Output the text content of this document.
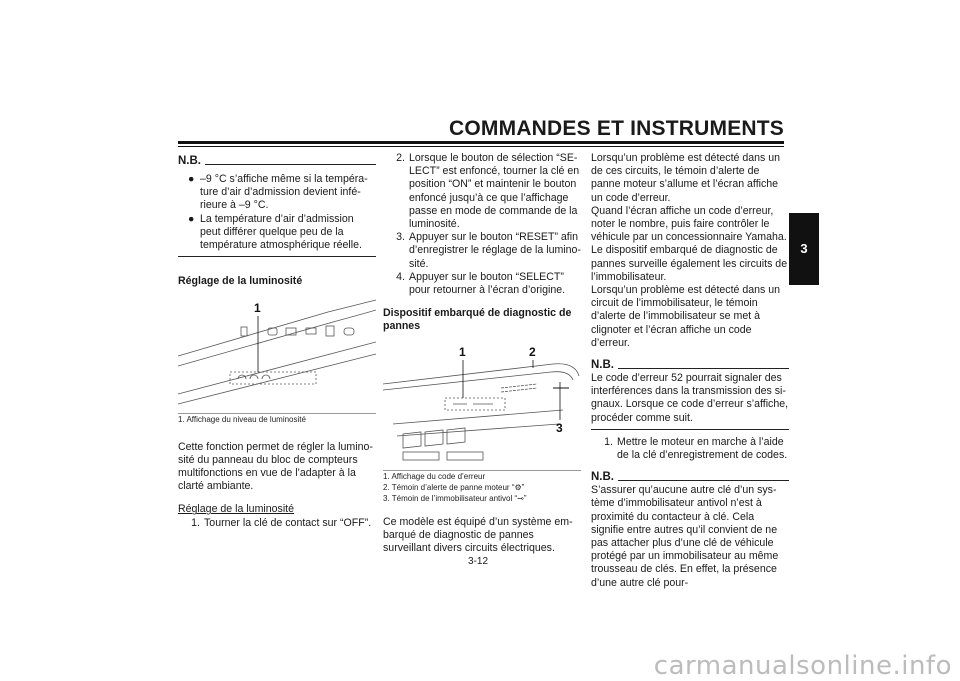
COMMANDES ET INSTRUMENTS
3
N.B.
● –9 °C s’affiche même si la température d’air d’admission devient inférieure à –9 °C.
● La température d’air d’admission peut différer quelque peu de la température atmosphérique réelle.
Réglage de la luminosité
1
1. Affichage du niveau de luminosité
Cette fonction permet de régler la luminosité du panneau du bloc de compteurs multifonctions en vue de l’adapter à la clarté ambiante.
Réglage de la luminosité
1. Tourner la clé de contact sur “OFF”.
2. Lorsque le bouton de sélection “SELECT” est enfoncé, tourner la clé en position “ON” et maintenir le bouton enfoncé jusqu’à ce que l’affichage passe en mode de commande de la luminosité.
3. Appuyer sur le bouton “RESET” afin d’enregistrer le réglage de la luminosité.
4. Appuyer sur le bouton “SELECT” pour retourner à l’écran d’origine.
Dispositif embarqué de diagnostic de pannes
1	2
3
1. Affichage du code d’erreur
2. Témoin d’alerte de panne moteur “⚙”
3. Témoin de l’immobilisateur antivol “⊸”
Ce modèle est équipé d’un système embarqué de diagnostic de pannes surveillant divers circuits électriques.
Lorsqu’un problème est détecté dans un de ces circuits, le témoin d’alerte de panne moteur s’allume et l’écran affiche un code d’erreur.
Quand l’écran affiche un code d’erreur, noter le nombre, puis faire contrôler le véhicule par un concessionnaire Yamaha.
Le dispositif embarqué de diagnostic de pannes surveille également les circuits de l’immobilisateur.
Lorsqu’un problème est détecté dans un circuit de l’immobilisateur, le témoin d’alerte de l’immobilisateur se met à clignoter et l’écran affiche un code d’erreur.
N.B.
Le code d’erreur 52 pourrait signaler des interférences dans la transmission des signaux. Lorsque ce code d’erreur s’affiche, procéder comme suit.
1. Mettre le moteur en marche à l’aide de la clé d’enregistrement de codes.
N.B.
S’assurer qu’aucune autre clé d’un système d’immobilisateur antivol n’est à proximité du contacteur à clé. Cela signifie entre autres qu’il convient de ne pas attacher plus d’une clé de véhicule protégé par un immobilisateur au même trousseau de clés. En effet, la présence d’une autre clé pour-
3-12
carmanualsonline.info
